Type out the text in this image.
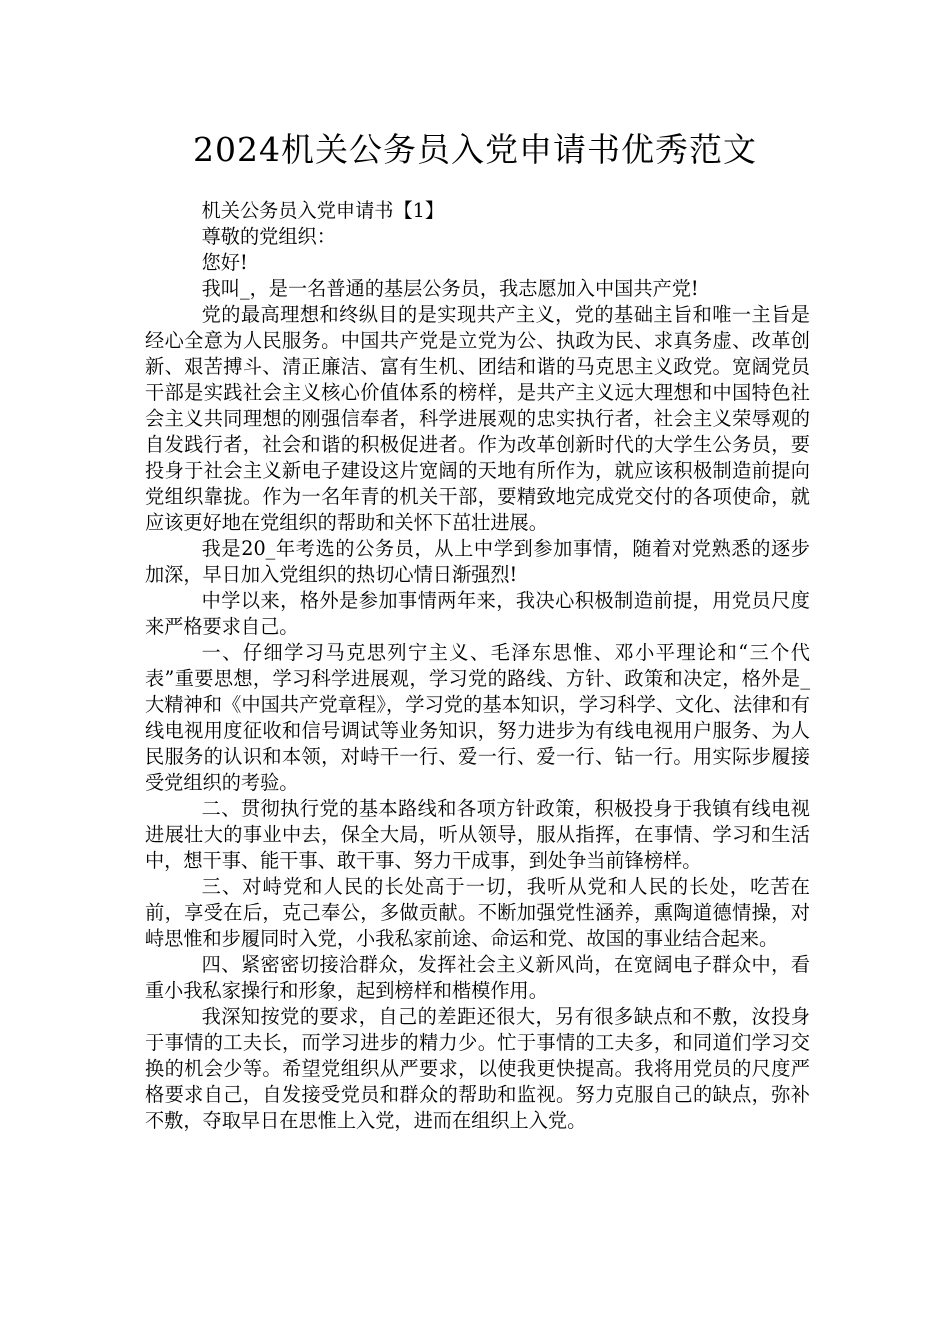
2024机关公务员入党申请书优秀范文

机关公务员入党申请书【1】

尊敬的党组织：

您好!

我叫_，是一名普通的基层公务员，我志愿加入中国共产党!

党的最高理想和终纵目的是实现共产主义，党的基础主旨和唯一主旨是经心全意为人民服务。中国共产党是立党为公、执政为民、求真务虚、改革创新、艰苦搏斗、清正廉洁、富有生机、团结和谐的马克思主义政党。宽阔党员干部是实践社会主义核心价值体系的榜样，是共产主义远大理想和中国特色社会主义共同理想的刚强信奉者，科学进展观的忠实执行者，社会主义荣辱观的自发践行者，社会和谐的积极促进者。作为改革创新时代的大学生公务员，要投身于社会主义新电子建设这片宽阔的天地有所作为，就应该积极制造前提向党组织靠拢。作为一名年青的机关干部，要精致地完成党交付的各项使命，就应该更好地在党组织的帮助和关怀下茁壮进展。

我是20_年考选的公务员，从上中学到参加事情，随着对党熟悉的逐步加深，早日加入党组织的热切心情日渐强烈!

中学以来，格外是参加事情两年来，我决心积极制造前提，用党员尺度来严格要求自己。

一、仔细学习马克思列宁主义、毛泽东思惟、邓小平理论和“三个代表”重要思想，学习科学进展观，学习党的路线、方针、政策和决定，格外是_大精神和《中国共产党章程》，学习党的基本知识，学习科学、文化、法律和有线电视用度征收和信号调试等业务知识，努力进步为有线电视用户服务、为人民服务的认识和本领，对峙干一行、爱一行、爱一行、钻一行。用实际步履接受党组织的考验。

二、贯彻执行党的基本路线和各项方针政策，积极投身于我镇有线电视进展壮大的事业中去，保全大局，听从领导，服从指挥，在事情、学习和生活中，想干事、能干事、敢干事、努力干成事，到处争当前锋榜样。

三、对峙党和人民的长处高于一切，我听从党和人民的长处，吃苦在前，享受在后，克己奉公，多做贡献。不断加强党性涵养，熏陶道德情操，对峙思惟和步履同时入党，小我私家前途、命运和党、故国的事业结合起来。

四、紧密密切接洽群众，发挥社会主义新风尚，在宽阔电子群众中，看重小我私家操行和形象，起到榜样和楷模作用。

我深知按党的要求，自己的差距还很大，另有很多缺点和不敷，汝投身于事情的工夫长，而学习进步的精力少。忙于事情的工夫多，和同道们学习交换的机会少等。希望党组织从严要求，以使我更快提高。我将用党员的尺度严格要求自己，自发接受党员和群众的帮助和监视。努力克服自己的缺点，弥补不敷，夺取早日在思惟上入党，进而在组织上入党。
